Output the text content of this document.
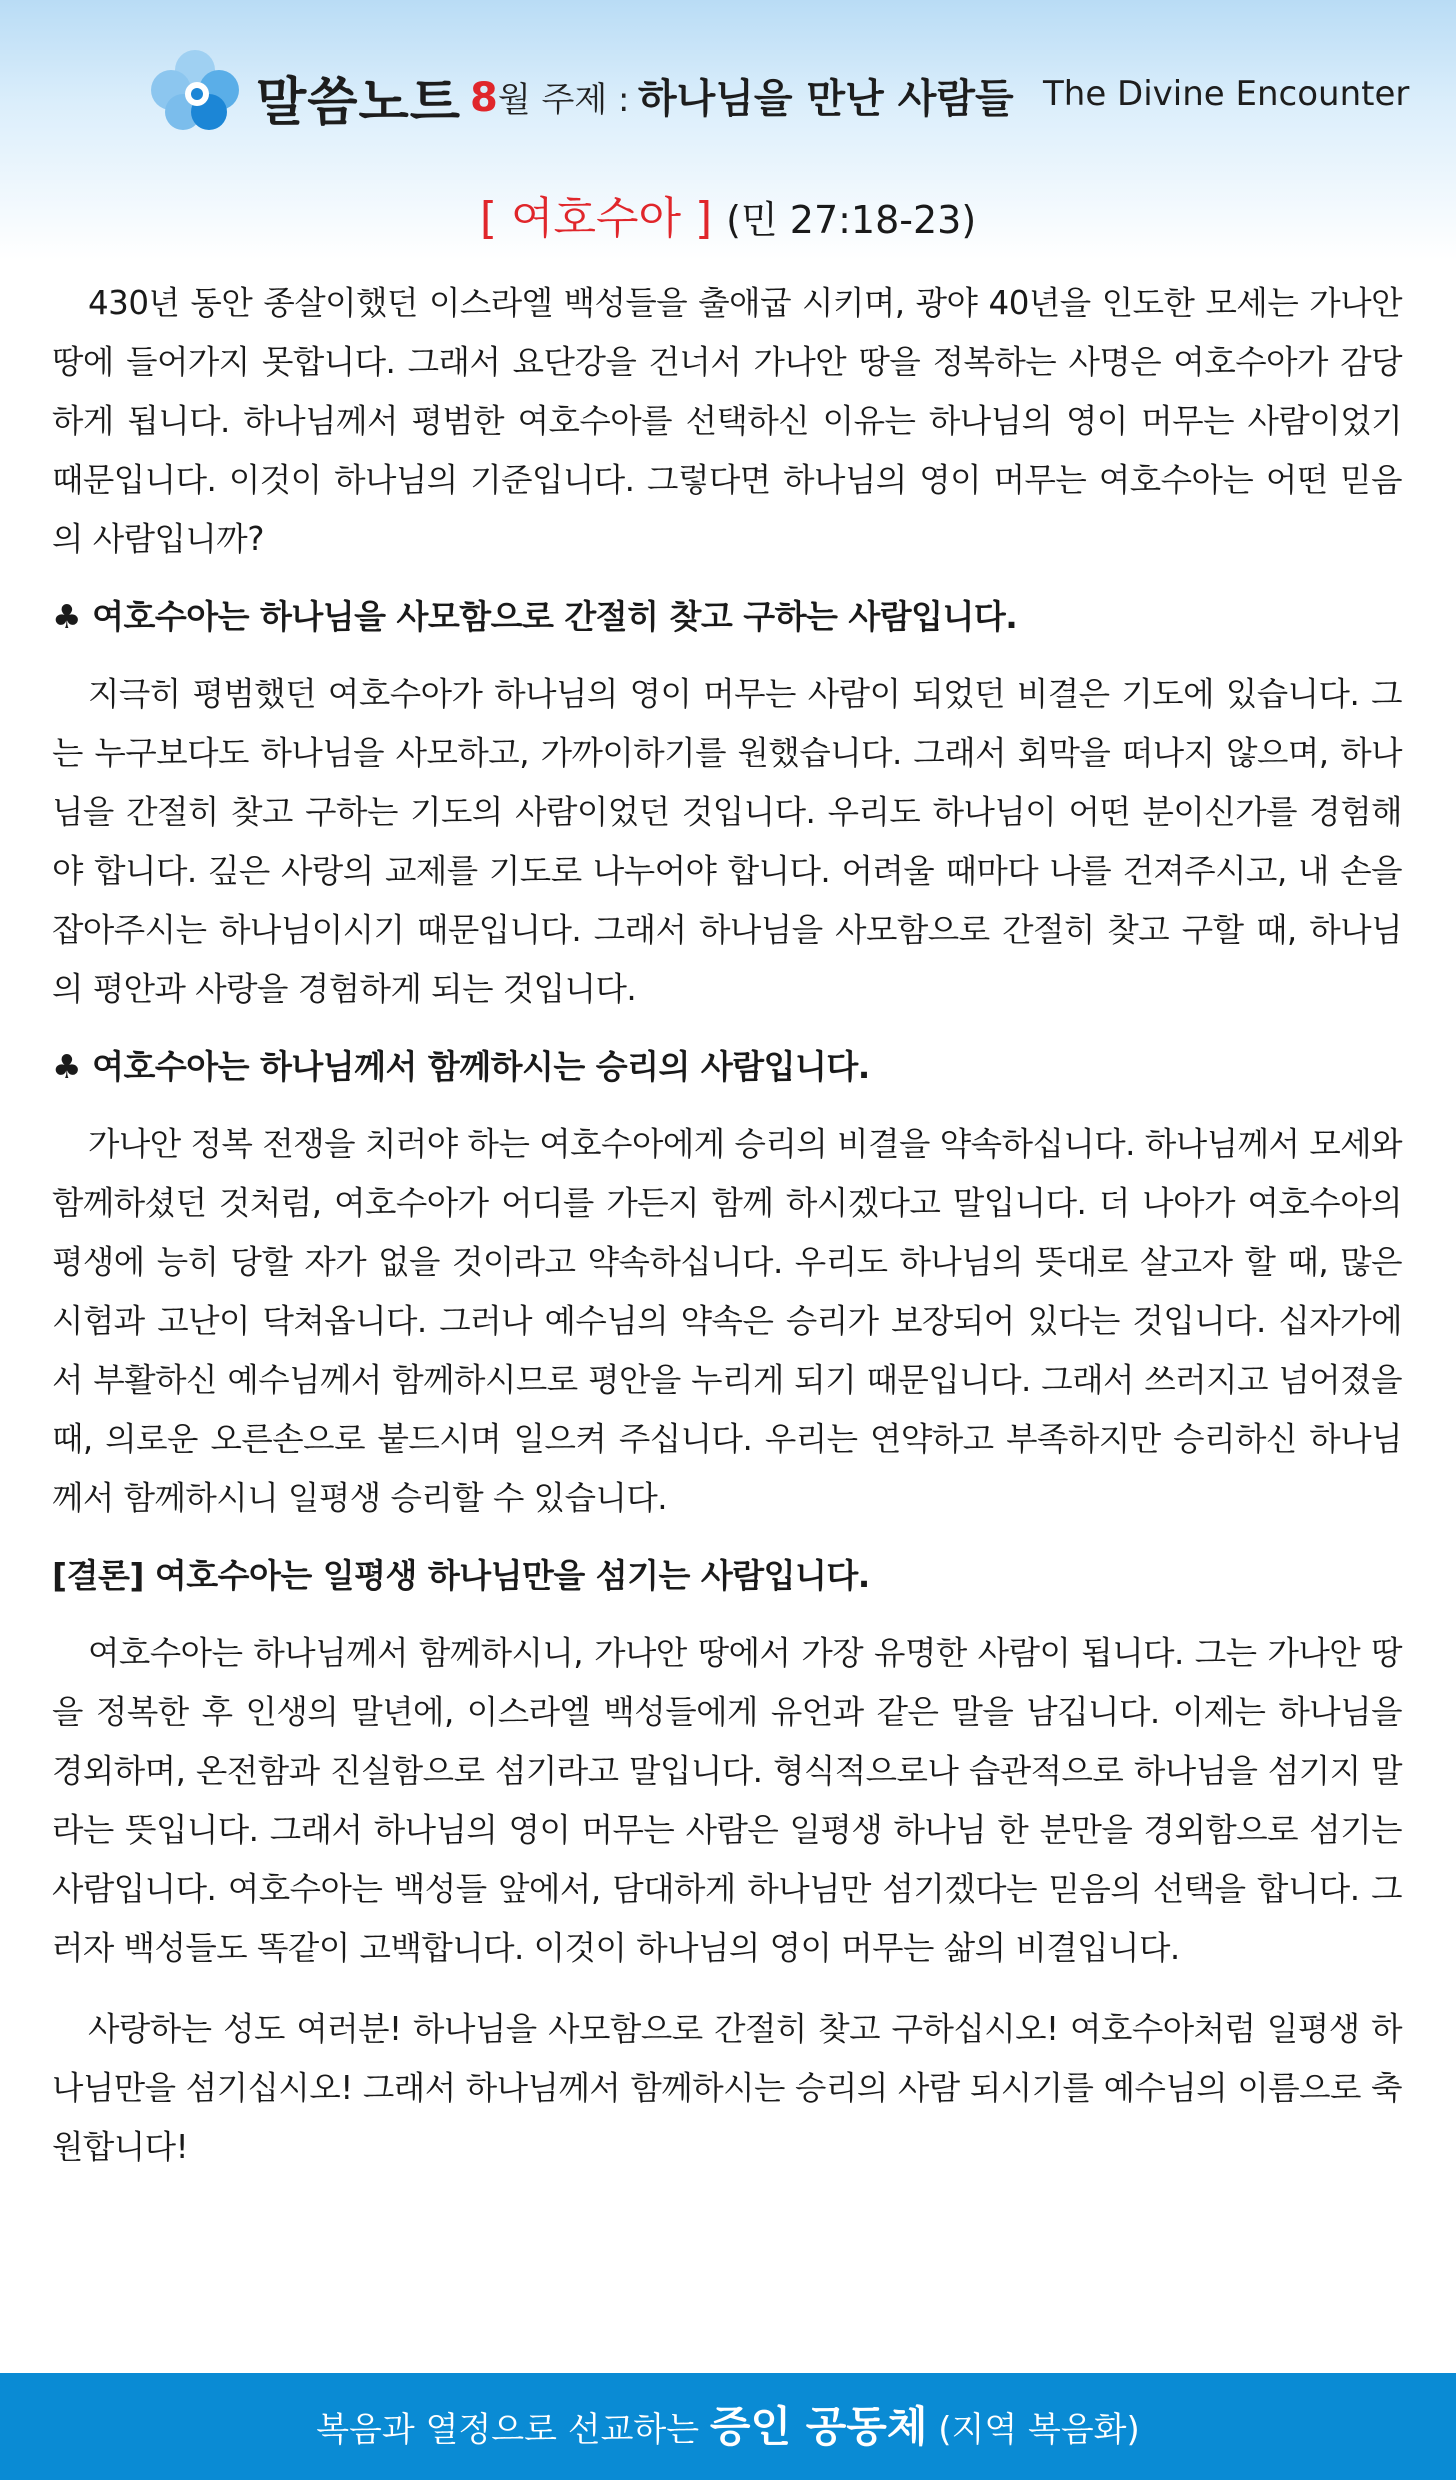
말씀노트 8월 주제 : 하나님을 만난 사람들 The Divine Encounter
[ 여호수아 ] (민 27:18-23)

430년 동안 종살이했던 이스라엘 백성들을 출애굽 시키며, 광야 40년을 인도한 모세는 가나안 땅에 들어가지 못합니다. 그래서 요단강을 건너서 가나안 땅을 정복하는 사명은 여호수아가 감당하게 됩니다. 하나님께서 평범한 여호수아를 선택하신 이유는 하나님의 영이 머무는 사람이었기 때문입니다. 이것이 하나님의 기준입니다. 그렇다면 하나님의 영이 머무는 여호수아는 어떤 믿음의 사람입니까?

♣ 여호수아는 하나님을 사모함으로 간절히 찾고 구하는 사람입니다.

지극히 평범했던 여호수아가 하나님의 영이 머무는 사람이 되었던 비결은 기도에 있습니다. 그는 누구보다도 하나님을 사모하고, 가까이하기를 원했습니다. 그래서 회막을 떠나지 않으며, 하나님을 간절히 찾고 구하는 기도의 사람이었던 것입니다. 우리도 하나님이 어떤 분이신가를 경험해야 합니다. 깊은 사랑의 교제를 기도로 나누어야 합니다. 어려울 때마다 나를 건져주시고, 내 손을 잡아주시는 하나님이시기 때문입니다. 그래서 하나님을 사모함으로 간절히 찾고 구할 때, 하나님의 평안과 사랑을 경험하게 되는 것입니다.

♣ 여호수아는 하나님께서 함께하시는 승리의 사람입니다.

가나안 정복 전쟁을 치러야 하는 여호수아에게 승리의 비결을 약속하십니다. 하나님께서 모세와 함께하셨던 것처럼, 여호수아가 어디를 가든지 함께 하시겠다고 말입니다. 더 나아가 여호수아의 평생에 능히 당할 자가 없을 것이라고 약속하십니다. 우리도 하나님의 뜻대로 살고자 할 때, 많은 시험과 고난이 닥쳐옵니다. 그러나 예수님의 약속은 승리가 보장되어 있다는 것입니다. 십자가에서 부활하신 예수님께서 함께하시므로 평안을 누리게 되기 때문입니다. 그래서 쓰러지고 넘어졌을 때, 의로운 오른손으로 붙드시며 일으켜 주십니다. 우리는 연약하고 부족하지만 승리하신 하나님께서 함께하시니 일평생 승리할 수 있습니다.

[결론] 여호수아는 일평생 하나님만을 섬기는 사람입니다.

여호수아는 하나님께서 함께하시니, 가나안 땅에서 가장 유명한 사람이 됩니다. 그는 가나안 땅을 정복한 후 인생의 말년에, 이스라엘 백성들에게 유언과 같은 말을 남깁니다. 이제는 하나님을 경외하며, 온전함과 진실함으로 섬기라고 말입니다. 형식적으로나 습관적으로 하나님을 섬기지 말라는 뜻입니다. 그래서 하나님의 영이 머무는 사람은 일평생 하나님 한 분만을 경외함으로 섬기는 사람입니다. 여호수아는 백성들 앞에서, 담대하게 하나님만 섬기겠다는 믿음의 선택을 합니다. 그러자 백성들도 똑같이 고백합니다. 이것이 하나님의 영이 머무는 삶의 비결입니다.

사랑하는 성도 여러분! 하나님을 사모함으로 간절히 찾고 구하십시오! 여호수아처럼 일평생 하나님만을 섬기십시오! 그래서 하나님께서 함께하시는 승리의 사람 되시기를 예수님의 이름으로 축원합니다!

복음과 열정으로 선교하는 증인 공동체 (지역 복음화)
